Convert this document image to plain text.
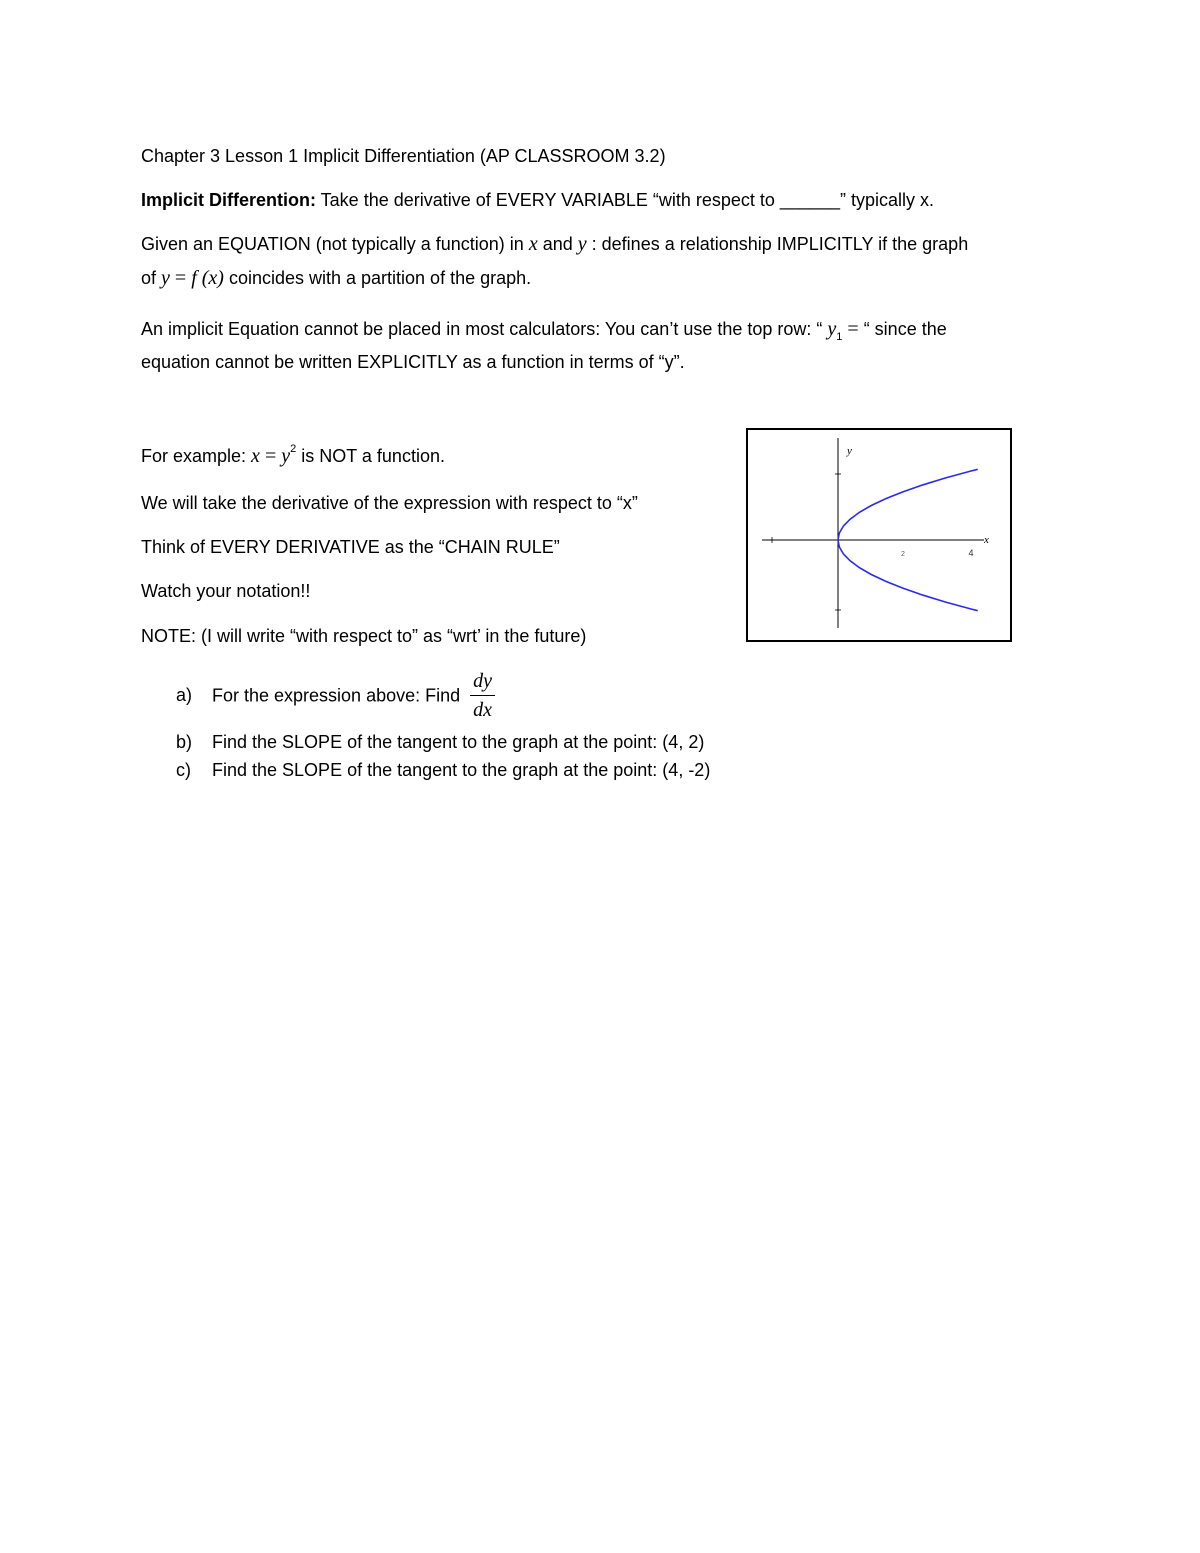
Chapter 3 Lesson 1 Implicit Differentiation (AP CLASSROOM 3.2)
Implicit Differention: Take the derivative of EVERY VARIABLE “with respect to ______” typically x.
Given an EQUATION (not typically a function) in x and y : defines a relationship IMPLICITLY if the graph
of y = f (x) coincides with a partition of the graph.
An implicit Equation cannot be placed in most calculators: You can’t use the top row: “ $y_1$ = “ since the
equation cannot be written EXPLICITLY as a function in terms of “y”.
For example: $x = y^2$ is NOT a function.
We will take the derivative of the expression with respect to “x”
Think of EVERY DERIVATIVE as the “CHAIN RULE”
Watch your notation!!
NOTE: (I will write “with respect to” as “wrt’ in the future)
a) For the expression above: Find $\frac{dy}{dx}$
b) Find the SLOPE of the tangent to the graph at the point: (4, 2)
c) Find the SLOPE of the tangent to the graph at the point: (4, -2)
x
y
2	4
